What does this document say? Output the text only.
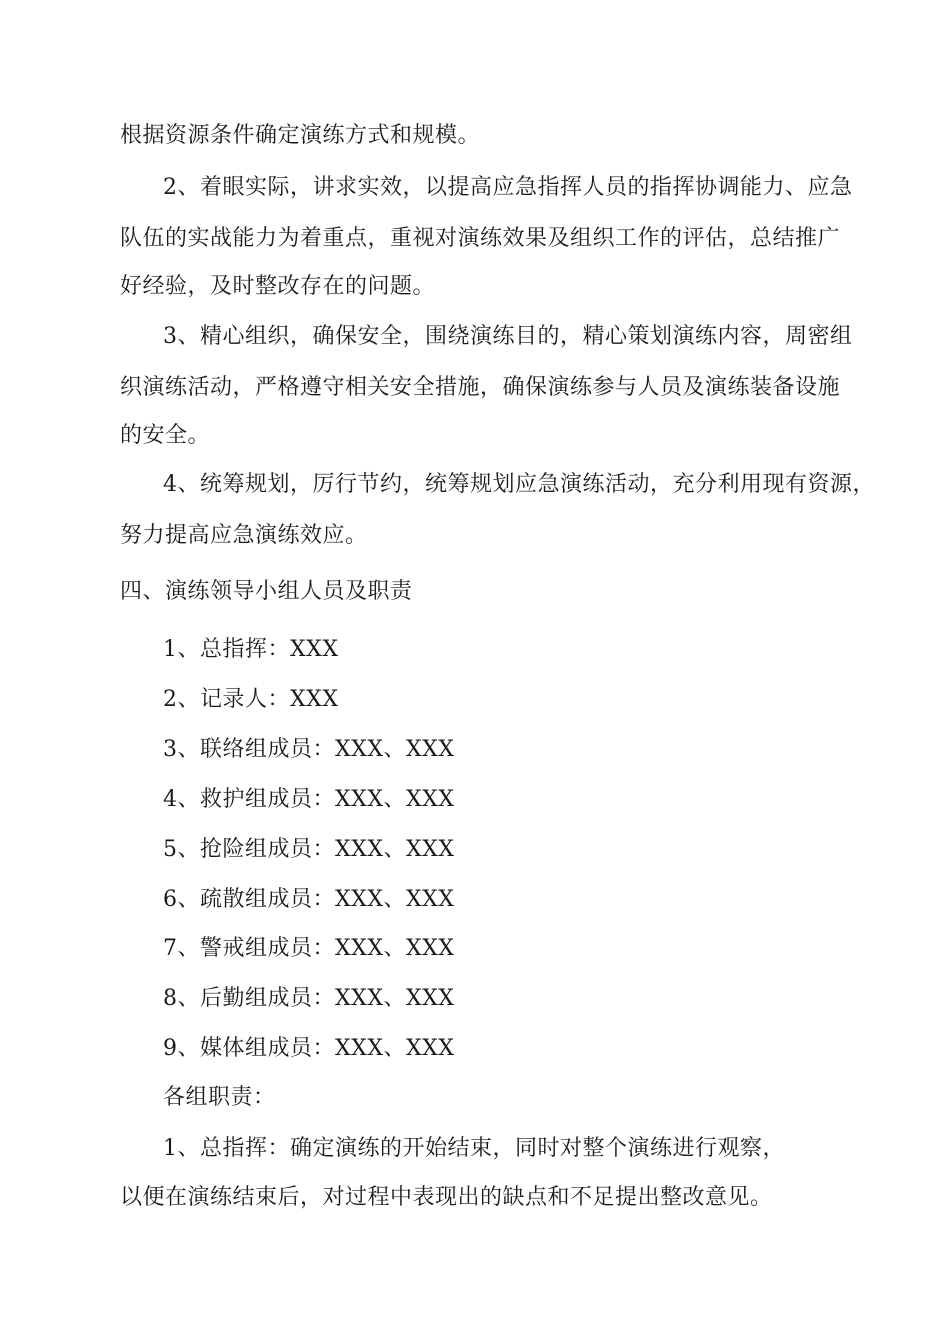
根据资源条件确定演练方式和规模。
2、着眼实际，讲求实效，以提高应急指挥人员的指挥协调能力、应急
队伍的实战能力为着重点，重视对演练效果及组织工作的评估，总结推广
好经验，及时整改存在的问题。
3、精心组织，确保安全，围绕演练目的，精心策划演练内容，周密组
织演练活动，严格遵守相关安全措施，确保演练参与人员及演练装备设施
的安全。
4、统筹规划，厉行节约，统筹规划应急演练活动，充分利用现有资源，
努力提高应急演练效应。
四、演练领导小组人员及职责
1、总指挥：XXX
2、记录人：XXX
3、联络组成员：XXX、XXX
4、救护组成员：XXX、XXX
5、抢险组成员：XXX、XXX
6、疏散组成员：XXX、XXX
7、警戒组成员：XXX、XXX
8、后勤组成员：XXX、XXX
9、媒体组成员：XXX、XXX
各组职责：
1、总指挥：确定演练的开始结束，同时对整个演练进行观察，
以便在演练结束后，对过程中表现出的缺点和不足提出整改意见。
